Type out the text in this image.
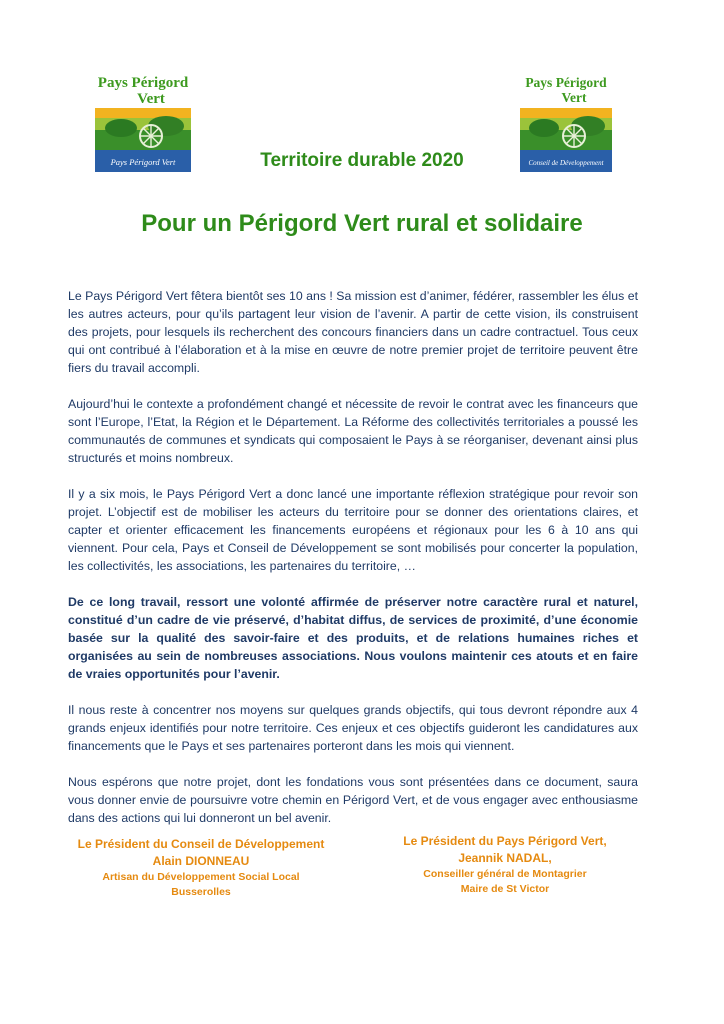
Pays Périgord
Vert
Pays Périgord Vert
Pays Périgord
Vert
Conseil de Développement
Territoire durable 2020
Pour un Périgord Vert rural et solidaire

Le Pays Périgord Vert fêtera bientôt ses 10 ans ! Sa mission est d’animer, fédérer, rassembler les élus et les autres acteurs, pour qu’ils partagent leur vision de l’avenir. A partir de cette vision, ils construisent des projets, pour lesquels ils recherchent des concours financiers dans un cadre contractuel. Tous ceux qui ont contribué à l’élaboration et à la mise en œuvre de notre premier projet de territoire peuvent être fiers du travail accompli.

Aujourd’hui le contexte a profondément changé et nécessite de revoir le contrat avec les financeurs que sont l’Europe, l’Etat, la Région et le Département. La Réforme des collectivités territoriales a poussé les communautés de communes et syndicats qui composaient le Pays à se réorganiser, devenant ainsi plus structurés et moins nombreux.

Il y a six mois, le Pays Périgord Vert a donc lancé une importante réflexion stratégique pour revoir son projet. L’objectif est de mobiliser les acteurs du territoire pour se donner des orientations claires, et capter et orienter efficacement les financements européens et régionaux pour les 6 à 10 ans qui viennent. Pour cela, Pays et Conseil de Développement se sont mobilisés pour concerter la population, les collectivités, les associations, les partenaires du territoire, …

De ce long travail, ressort une volonté affirmée de préserver notre caractère rural et naturel, constitué d’un cadre de vie préservé, d’habitat diffus, de services de proximité, d’une économie basée sur la qualité des savoir-faire et des produits, et de relations humaines riches et organisées au sein de nombreuses associations. Nous voulons maintenir ces atouts et en faire de vraies opportunités pour l’avenir.

Il nous reste à concentrer nos moyens sur quelques grands objectifs, qui tous devront répondre aux 4 grands enjeux identifiés pour notre territoire. Ces enjeux et ces objectifs guideront les candidatures aux financements que le Pays et ses partenaires porteront dans les mois qui viennent.

Nous espérons que notre projet, dont les fondations vous sont présentées dans ce document, saura vous donner envie de poursuivre votre chemin en Périgord Vert, et de vous engager avec enthousiasme dans des actions qui lui donneront un bel avenir.

Le Président du Conseil de Développement
Alain DIONNEAU
Artisan du Développement Social Local
Busserolles
Le Président du Pays Périgord Vert,
Jeannik NADAL,
Conseiller général de Montagrier
Maire de St Victor
